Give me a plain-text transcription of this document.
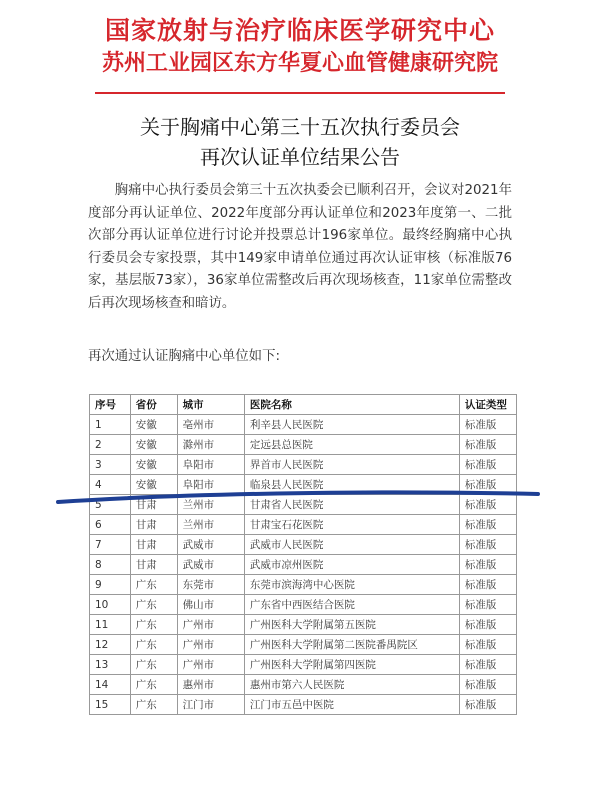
国家放射与治疗临床医学研究中心
苏州工业园区东方华夏心血管健康研究院
关于胸痛中心第三十五次执行委员会
再次认证单位结果公告

胸痛中心执行委员会第三十五次执委会已顺利召开，会议对2021年度部分再认证单位、2022年度部分再认证单位和2023年度第一、二批次部分再认证单位进行讨论并投票总计196家单位。最终经胸痛中心执行委员会专家投票，其中149家申请单位通过再次认证审核（标准版76家，基层版73家），36家单位需整改后再次现场核查，11家单位需整改后再次现场核查和暗访。

再次通过认证胸痛中心单位如下:
序号	省份	城市	医院名称	认证类型
1	安徽	亳州市	利辛县人民医院	标准版
2	安徽	滁州市	定远县总医院	标准版
3	安徽	阜阳市	界首市人民医院	标准版
4	安徽	阜阳市	临泉县人民医院	标准版
5	甘肃	兰州市	甘肃省人民医院	标准版
6	甘肃	兰州市	甘肃宝石花医院	标准版
7	甘肃	武威市	武威市人民医院	标准版
8	甘肃	武威市	武威市凉州医院	标准版
9	广东	东莞市	东莞市滨海湾中心医院	标准版
10	广东	佛山市	广东省中西医结合医院	标准版
11	广东	广州市	广州医科大学附属第五医院	标准版
12	广东	广州市	广州医科大学附属第二医院番禺院区	标准版
13	广东	广州市	广州医科大学附属第四医院	标准版
14	广东	惠州市	惠州市第六人民医院	标准版
15	广东	江门市	江门市五邑中医院	标准版
